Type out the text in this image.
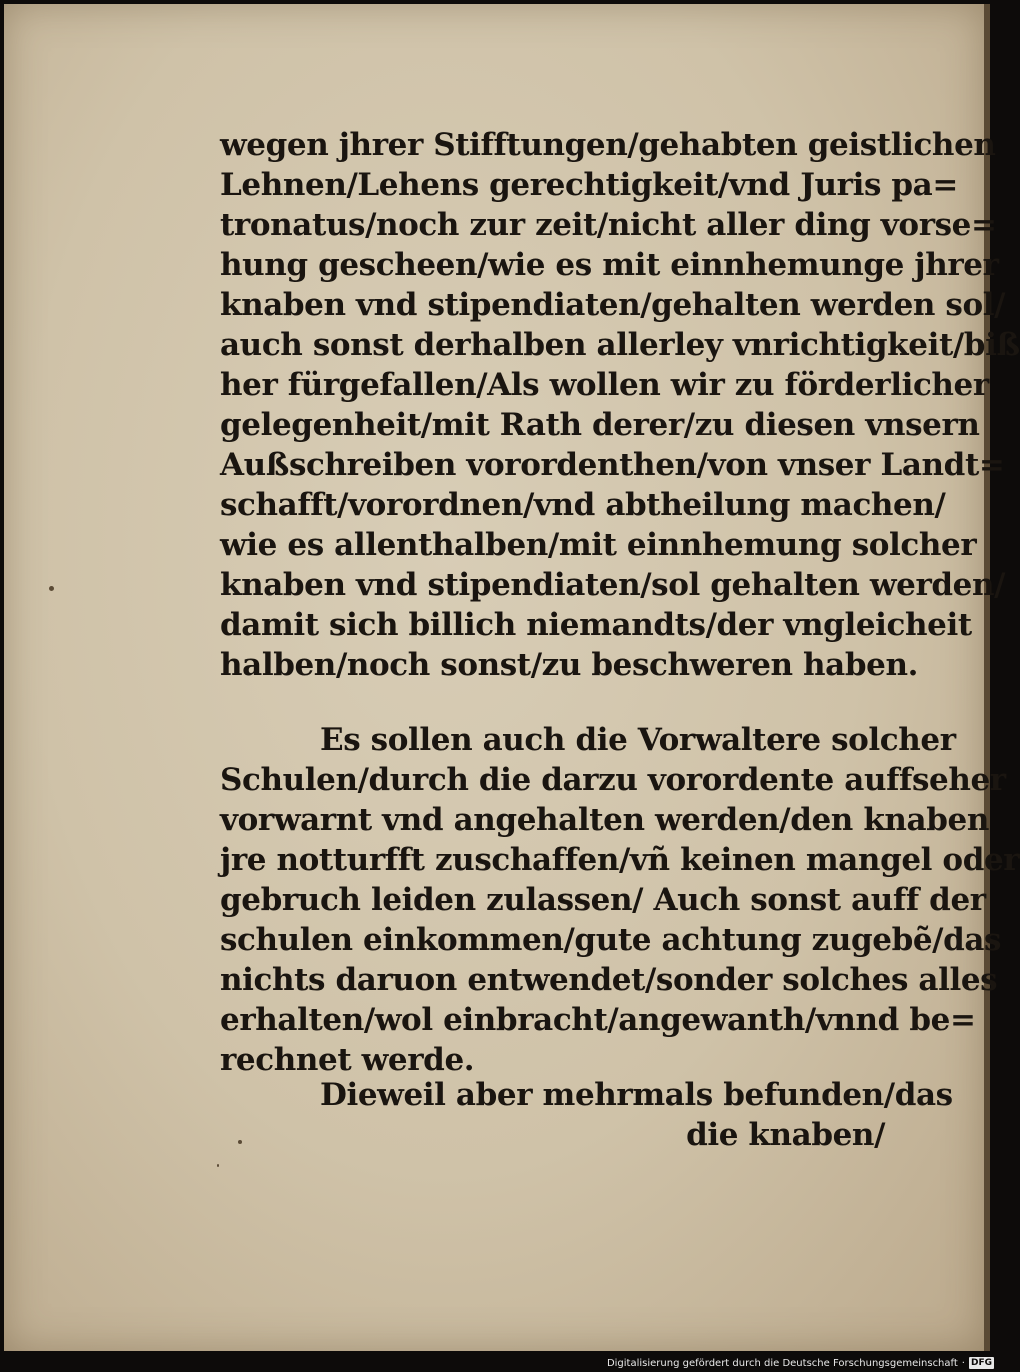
wegen jhrer Stifftungen/gehabten geistlichen
Lehnen/Lehens gerechtigkeit/vnd Juris pa=
tronatus/noch zur zeit/nicht aller ding vorse=
hung gescheen/wie es mit einnhemunge jhrer
knaben vnd stipendiaten/gehalten werden sol/
auch sonst derhalben allerley vnrichtigkeit/biß
her fürgefallen/Als wollen wir zu förderlicher
gelegenheit/mit Rath derer/zu diesen vnsern
Außschreiben vorordenthen/von vnser Landt=
schafft/vorordnen/vnd abtheilung machen/
wie es allenthalben/mit einnhemung solcher
knaben vnd stipendiaten/sol gehalten werden/
damit sich billich niemandts/der vngleicheit
halben/noch sonst/zu beschweren haben.
Es sollen auch die Vorwaltere solcher
Schulen/durch die darzu vorordente auffseher
vorwarnt vnd angehalten werden/den knaben
jre notturfft zuschaffen/vñ keinen mangel oder
gebruch leiden zulassen/ Auch sonst auff der
schulen einkommen/gute achtung zugebẽ/das
nichts daruon entwendet/sonder solches alles
erhalten/wol einbracht/angewanth/vnnd be=
rechnet werde.
Dieweil aber mehrmals befunden/das
die knaben/
Digitalisierung gefördert durch die Deutsche Forschungsgemeinschaft · DFG
